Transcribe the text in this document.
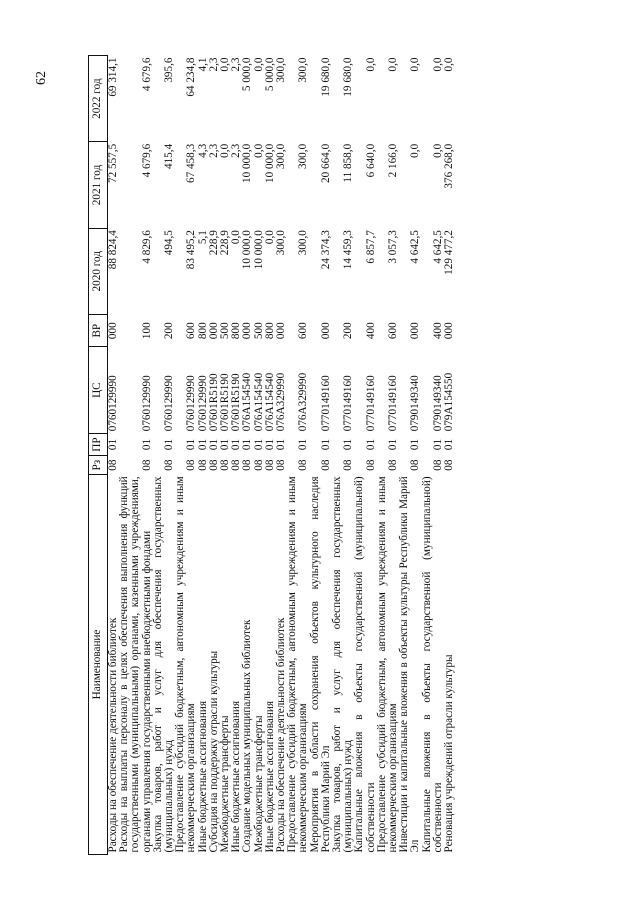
62
Наименование	Рз	ПР	ЦС	ВР	2020 год	2021 год	2022 год
Расходы на обеспечение деятельности библиотек	08	01	0760129990	000	88 824,4	72 557,5	69 314,1
Расходы на выплаты персоналу в целях обеспечения выполнения функций государственными (муниципальными) органами, казенными учреждениями, органами управления государственными внебюджетными фондами	08	01	0760129990	100	4 829,6	4 679,6	4 679,6
Закупка товаров, работ и услуг для обеспечения государственных (муниципальных) нужд	08	01	0760129990	200	494,5	415,4	395,6
Предоставление субсидий бюджетным, автономным учреждениям и иным некоммерческим организациям	08	01	0760129990	600	83 495,2	67 458,3	64 234,8
Иные бюджетные ассигнования	08	01	0760129990	800	5,1	4,3	4,1
Субсидия на поддержку отрасли культуры	08	01	07601R5190	000	228,9	2,3	2,3
Межбюджетные трансферты	08	01	07601R5190	500	228,9	0,0	0,0
Иные бюджетные ассигнования	08	01	07601R5190	800	0,0	2,3	2,3
Создание модельных муниципальных библиотек	08	01	076A154540	000	10 000,0	10 000,0	5 000,0
Межбюджетные трансферты	08	01	076A154540	500	10 000,0	0,0	0,0
Иные бюджетные ассигнования	08	01	076A154540	800	0,0	10 000,0	5 000,0
Расходы на обеспечение деятельности библиотек	08	01	076A329990	000	300,0	300,0	300,0
Предоставление субсидий бюджетным, автономным учреждениям и иным некоммерческим организациям	08	01	076A329990	600	300,0	300,0	300,0
Мероприятия в области сохранения объектов культурного наследия Республики Марий Эл	08	01	0770149160	000	24 374,3	20 664,0	19 680,0
Закупка товаров, работ и услуг для обеспечения государственных (муниципальных) нужд	08	01	0770149160	200	14 459,3	11 858,0	19 680,0
Капитальные вложения в объекты государственной (муниципальной) собственности	08	01	0770149160	400	6 857,7	6 640,0	0,0
Предоставление субсидий бюджетным, автономным учреждениям и иным некоммерческим организациям	08	01	0770149160	600	3 057,3	2 166,0	0,0
Инвестиции и капитальные вложения в объекты культуры Республики Марий Эл	08	01	0790149340	000	4 642,5	0,0	0,0
Капитальные вложения в объекты государственной (муниципальной) собственности	08	01	0790149340	400	4 642,5	0,0	0,0
Реновация учреждений отрасли культуры	08	01	079A154550	000	129 477,2	376 268,0	0,0
